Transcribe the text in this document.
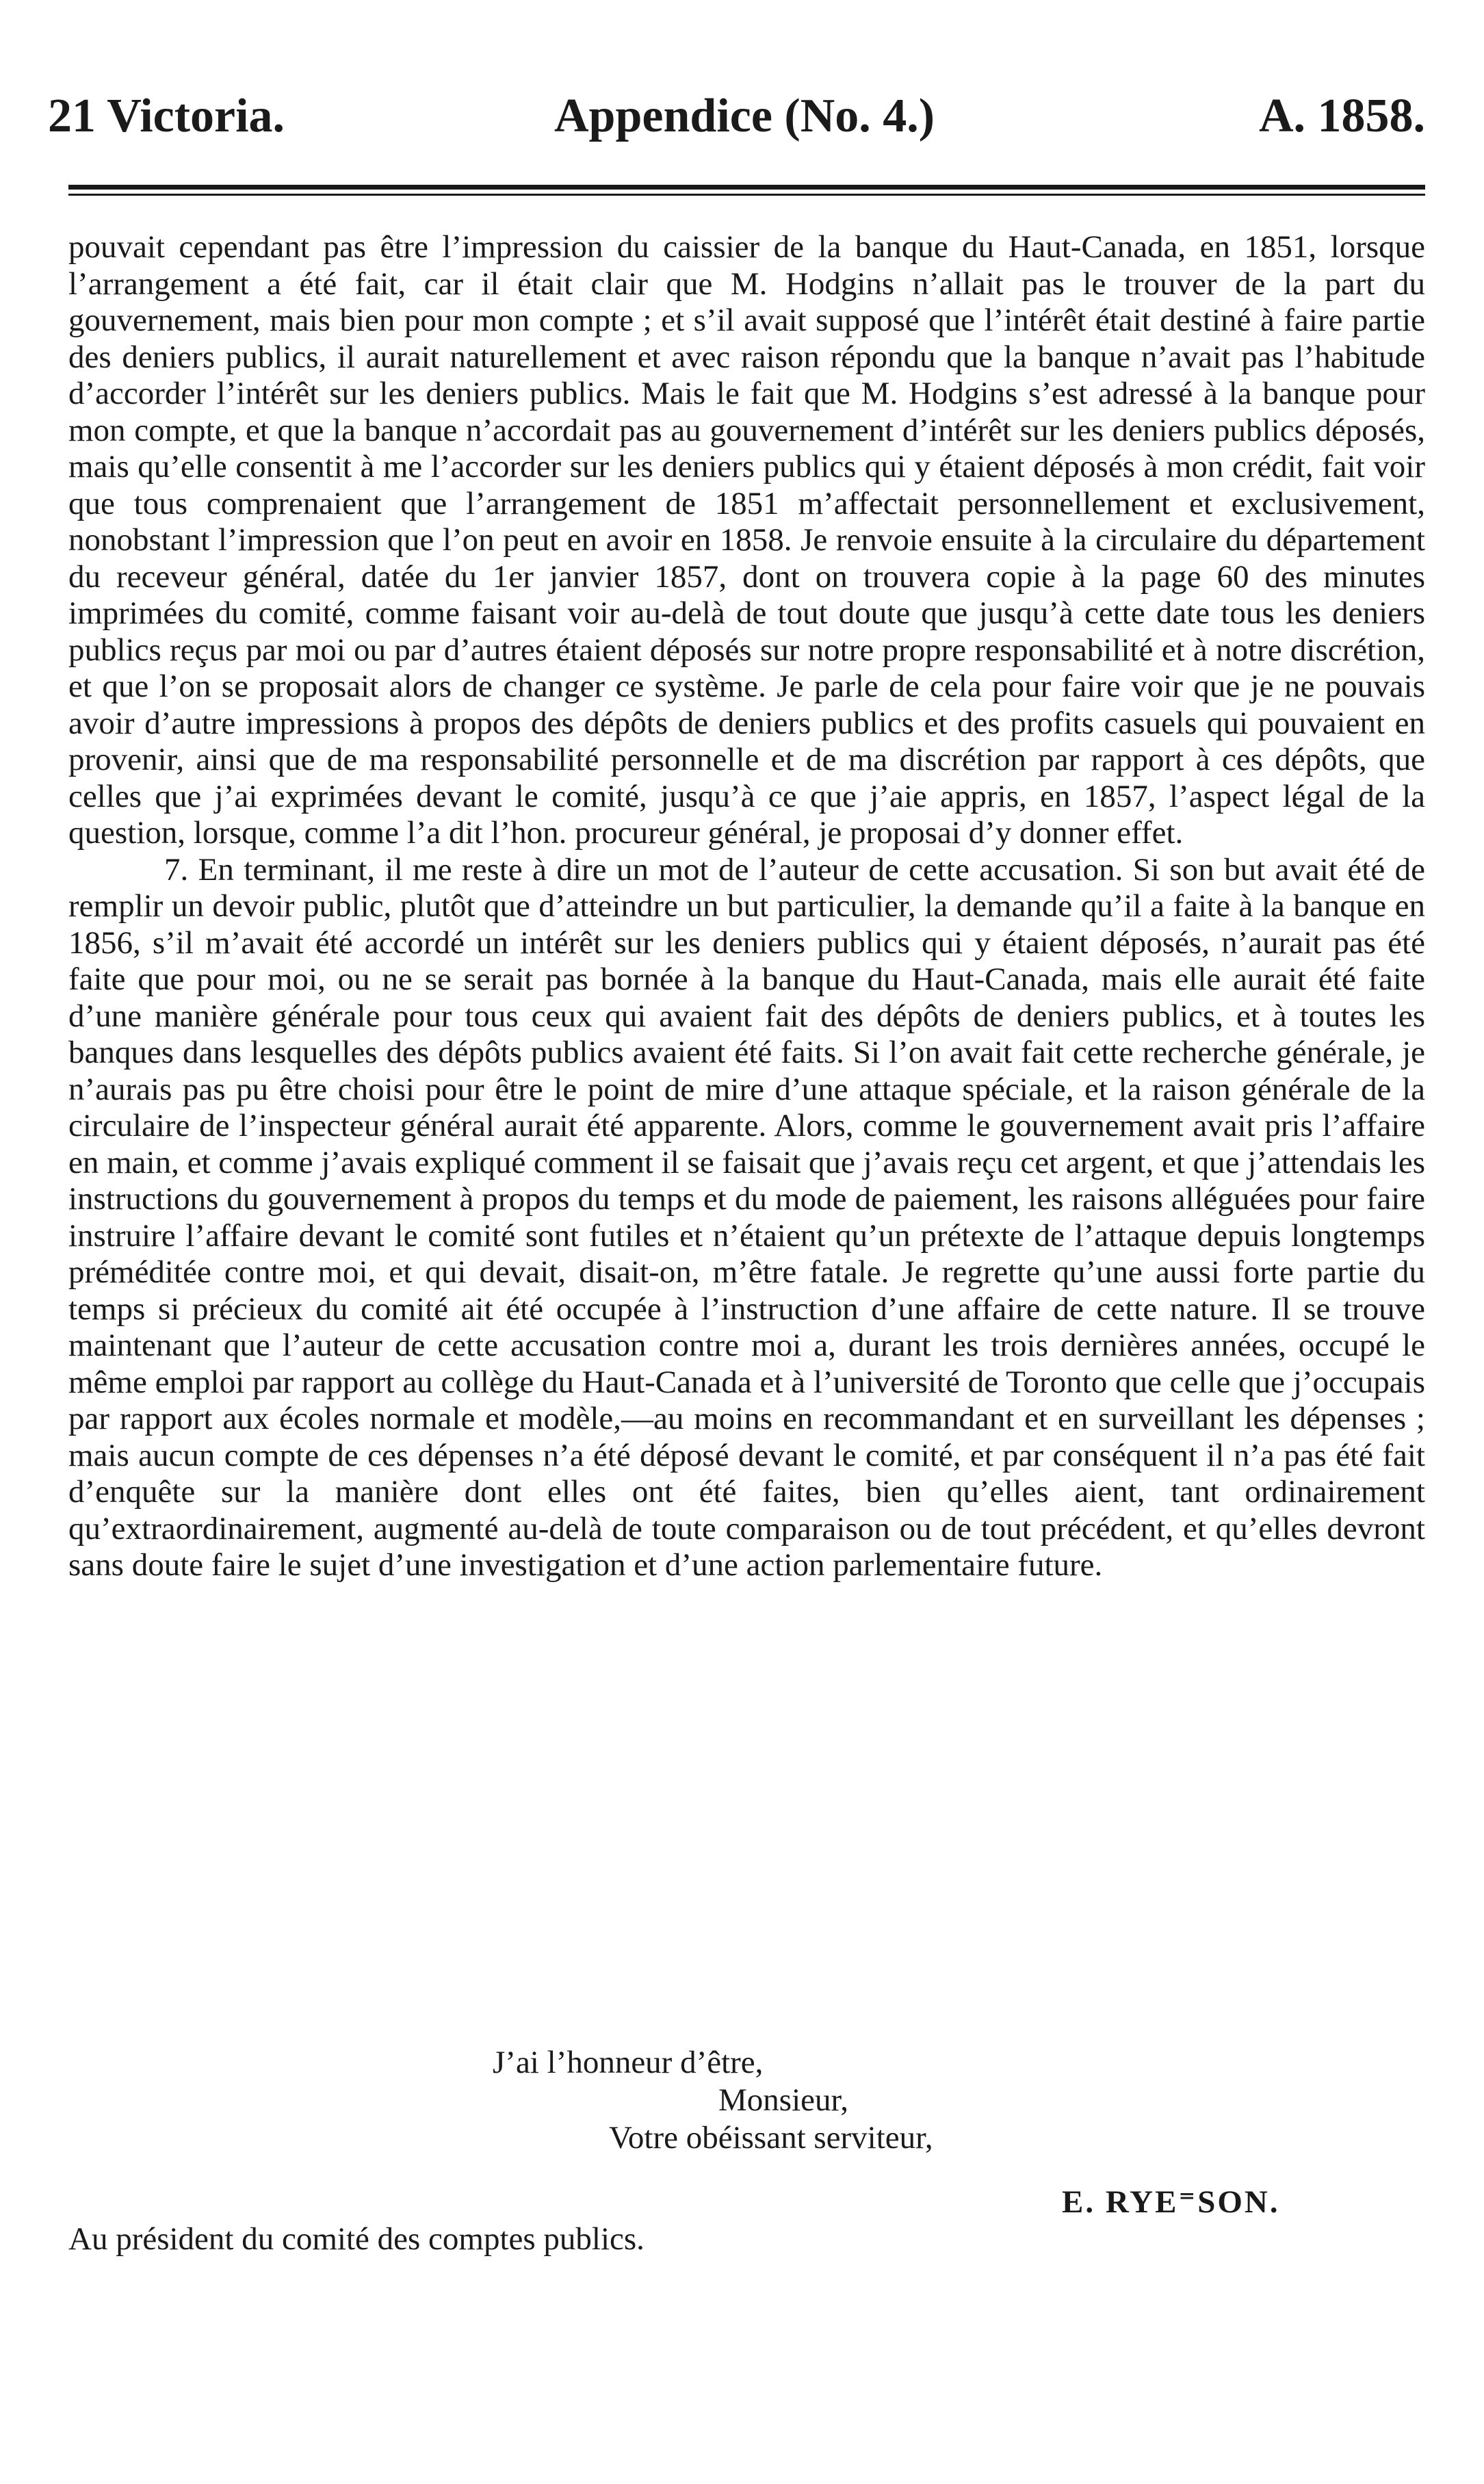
21 Victoria.	Appendice (No. 4.)	A. 1858.

pouvait cependant pas être l’impression du caissier de la banque du Haut-Canada, en 1851, lorsque l’arrangement a été fait, car il était clair que M. Hodgins n’allait pas le trouver de la part du gouvernement, mais bien pour mon compte ; et s’il avait supposé que l’intérêt était destiné à faire partie des deniers publics, il aurait naturellement et avec raison répondu que la banque n’avait pas l’habitude d’accorder l’intérêt sur les deniers publics. Mais le fait que M. Hodgins s’est adressé à la banque pour mon compte, et que la banque n’accordait pas au gouvernement d’intérêt sur les deniers publics déposés, mais qu’elle consentit à me l’accorder sur les deniers publics qui y étaient déposés à mon crédit, fait voir que tous comprenaient que l’arrangement de 1851 m’affectait personnellement et exclusivement, nonobstant l’impression que l’on peut en avoir en 1858. Je renvoie ensuite à la circulaire du département du receveur général, datée du 1er janvier 1857, dont on trouvera copie à la page 60 des minutes imprimées du comité, comme faisant voir au-delà de tout doute que jusqu’à cette date tous les deniers publics reçus par moi ou par d’autres étaient déposés sur notre propre responsabilité et à notre discrétion, et que l’on se proposait alors de changer ce système. Je parle de cela pour faire voir que je ne pouvais avoir d’autre impressions à propos des dépôts de deniers publics et des profits casuels qui pouvaient en provenir, ainsi que de ma responsabilité personnelle et de ma discrétion par rapport à ces dépôts, que celles que j’ai exprimées devant le comité, jusqu’à ce que j’aie appris, en 1857, l’aspect légal de la question, lorsque, comme l’a dit l’hon. procureur général, je proposai d’y donner effet.

7. En terminant, il me reste à dire un mot de l’auteur de cette accusation. Si son but avait été de remplir un devoir public, plutôt que d’atteindre un but particulier, la demande qu’il a faite à la banque en 1856, s’il m’avait été accordé un intérêt sur les deniers publics qui y étaient déposés, n’aurait pas été faite que pour moi, ou ne se serait pas bornée à la banque du Haut-Canada, mais elle aurait été faite d’une manière générale pour tous ceux qui avaient fait des dépôts de deniers publics, et à toutes les banques dans lesquelles des dépôts publics avaient été faits. Si l’on avait fait cette recherche générale, je n’aurais pas pu être choisi pour être le point de mire d’une attaque spéciale, et la raison générale de la circulaire de l’inspecteur général aurait été apparente. Alors, comme le gouvernement avait pris l’affaire en main, et comme j’avais expliqué comment il se faisait que j’avais reçu cet argent, et que j’attendais les instructions du gouvernement à propos du temps et du mode de paiement, les raisons alléguées pour faire instruire l’affaire devant le comité sont futiles et n’étaient qu’un prétexte de l’attaque depuis longtemps préméditée contre moi, et qui devait, disait-on, m’être fatale. Je regrette qu’une aussi forte partie du temps si précieux du comité ait été occupée à l’instruction d’une affaire de cette nature. Il se trouve maintenant que l’auteur de cette accusation contre moi a, durant les trois dernières années, occupé le même emploi par rapport au collège du Haut-Canada et à l’université de Toronto que celle que j’occupais par rapport aux écoles normale et modèle,—au moins en recommandant et en surveillant les dépenses ; mais aucun compte de ces dépenses n’a été déposé devant le comité, et par conséquent il n’a pas été fait d’enquête sur la manière dont elles ont été faites, bien qu’elles aient, tant ordinairement qu’extraordinairement, augmenté au-delà de toute comparaison ou de tout précédent, et qu’elles devront sans doute faire le sujet d’une investigation et d’une action parlementaire future.

J’ai l’honneur d’être,
Monsieur,
Votre obéissant serviteur,
E. RYE⁼SON.
Au président du comité des comptes publics.
